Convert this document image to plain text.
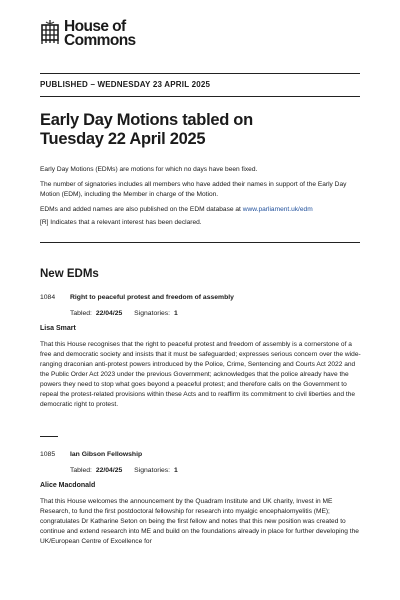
House of
Commons
PUBLISHED – WEDNESDAY 23 APRIL 2025
Early Day Motions tabled on
Tuesday 22 April 2025
Early Day Motions (EDMs) are motions for which no days have been fixed.
The number of signatories includes all members who have added their names in support of the Early Day Motion (EDM), including the Member in charge of the Motion.
EDMs and added names are also published on the EDM database at www.parliament.uk/edm
[R] Indicates that a relevant interest has been declared.
New EDMs
1084 Right to peaceful protest and freedom of assembly
Tabled: 22/04/25 Signatories: 1
Lisa Smart
That this House recognises that the right to peaceful protest and freedom of assembly is a cornerstone of a free and democratic society and insists that it must be safeguarded; expresses serious concern over the wide-ranging draconian anti-protest powers introduced by the Police, Crime, Sentencing and Courts Act 2022 and the Public Order Act 2023 under the previous Government; acknowledges that the police already have the powers they need to stop what goes beyond a peaceful protest; and therefore calls on the Government to repeal the protest-related provisions within these Acts and to reaffirm its commitment to civil liberties and the democratic right to protest.
1085 Ian Gibson Fellowship
Tabled: 22/04/25 Signatories: 1
Alice Macdonald
That this House welcomes the announcement by the Quadram Institute and UK charity, Invest in ME Research, to fund the first postdoctoral fellowship for research into myalgic encephalomyelitis (ME); congratulates Dr Katharine Seton on being the first fellow and notes that this new position was created to continue and extend research into ME and build on the foundations already in place for further developing the UK/European Centre of Excellence for
